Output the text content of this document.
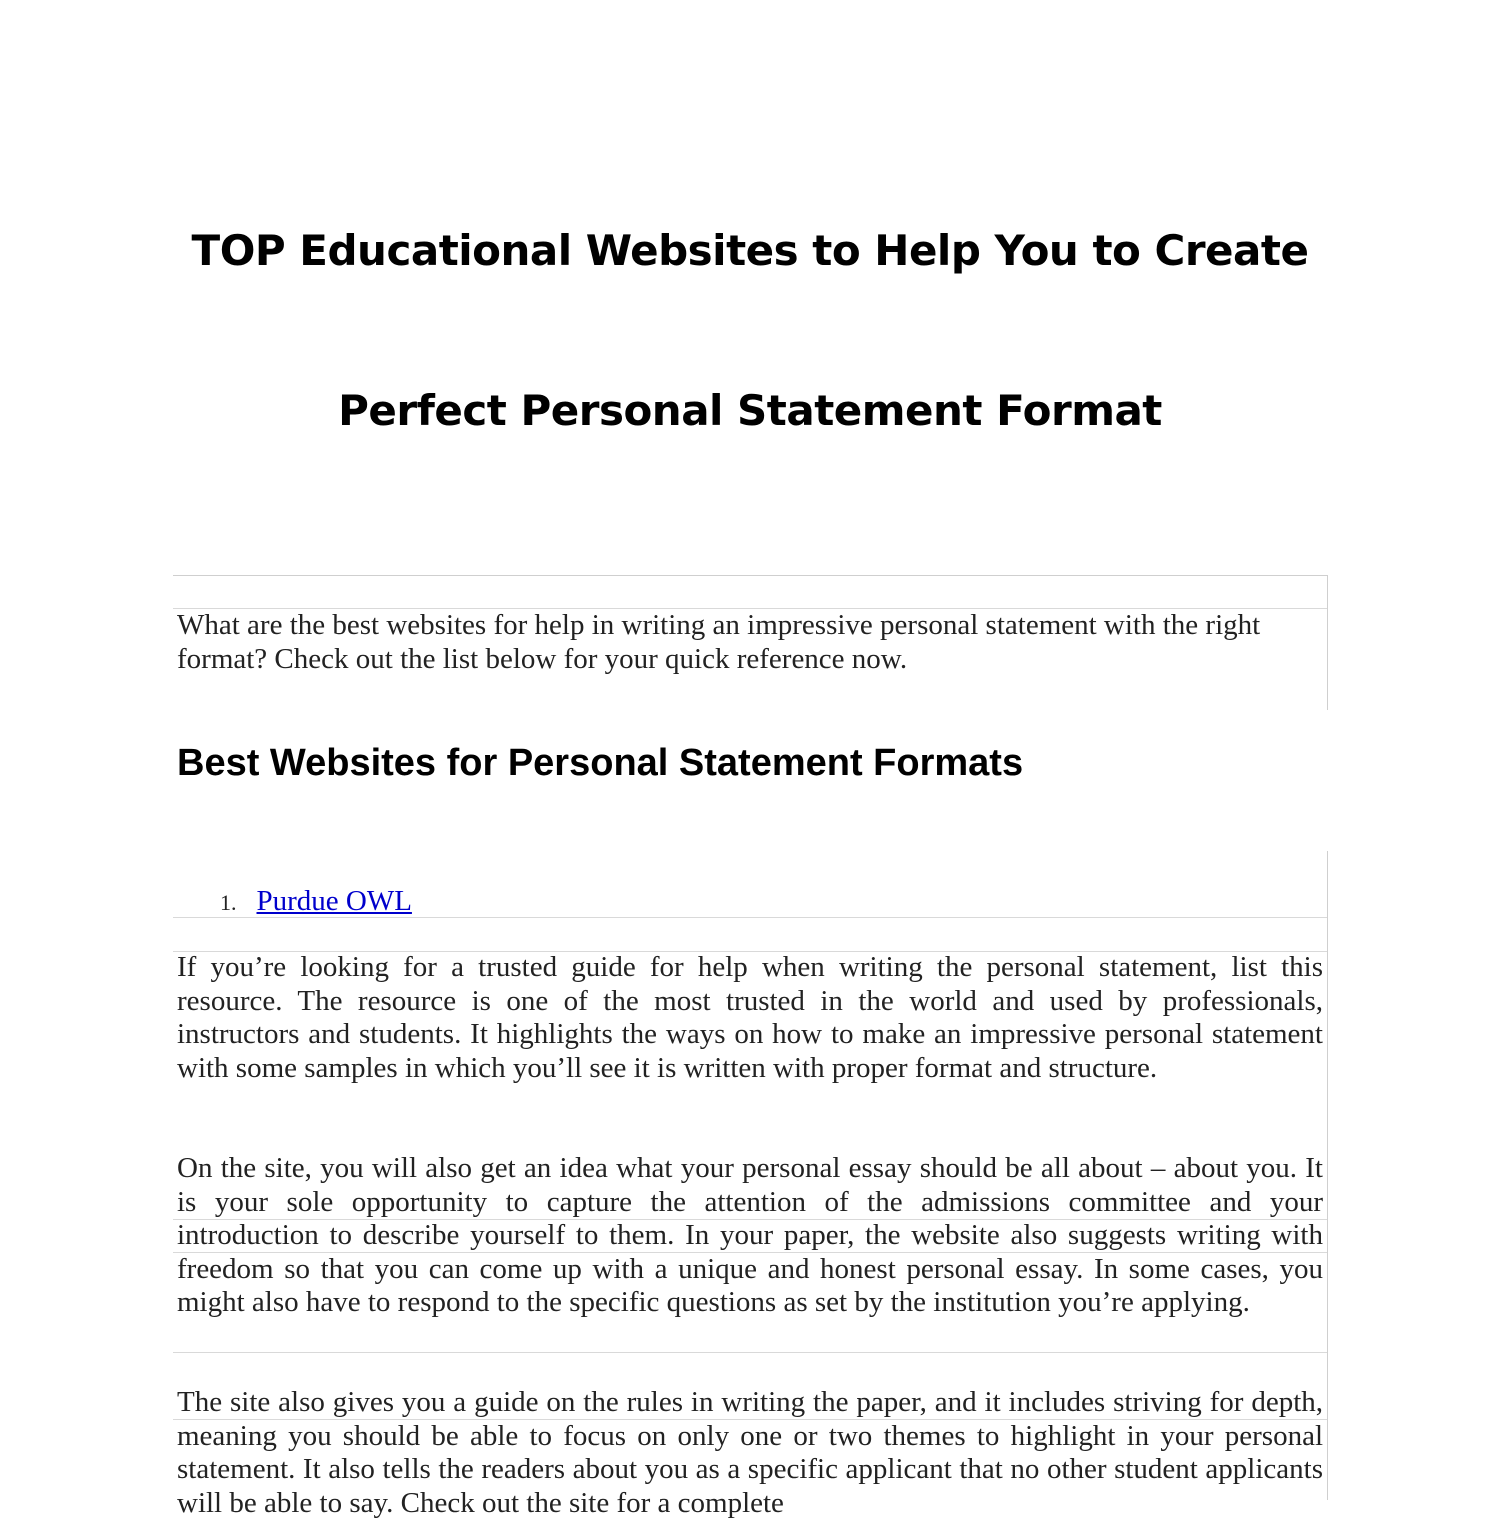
TOP Educational Websites to Help You to Create
Perfect Personal Statement Format
What are the best websites for help in writing an impressive personal statement with the right format? Check out the list below for your quick reference now.
Best Websites for Personal Statement Formats
1. Purdue OWL
If you’re looking for a trusted guide for help when writing the personal statement, list this resource. The resource is one of the most trusted in the world and used by professionals, instructors and students. It highlights the ways on how to make an impressive personal statement with some samples in which you’ll see it is written with proper format and structure.
On the site, you will also get an idea what your personal essay should be all about – about you. It is your sole opportunity to capture the attention of the admissions committee and your introduction to describe yourself to them. In your paper, the website also suggests writing with freedom so that you can come up with a unique and honest personal essay. In some cases, you might also have to respond to the specific questions as set by the institution you’re applying.
The site also gives you a guide on the rules in writing the paper, and it includes striving for depth, meaning you should be able to focus on only one or two themes to highlight in your personal statement. It also tells the readers about you as a specific applicant that no other student applicants will be able to say. Check out the site for a complete
